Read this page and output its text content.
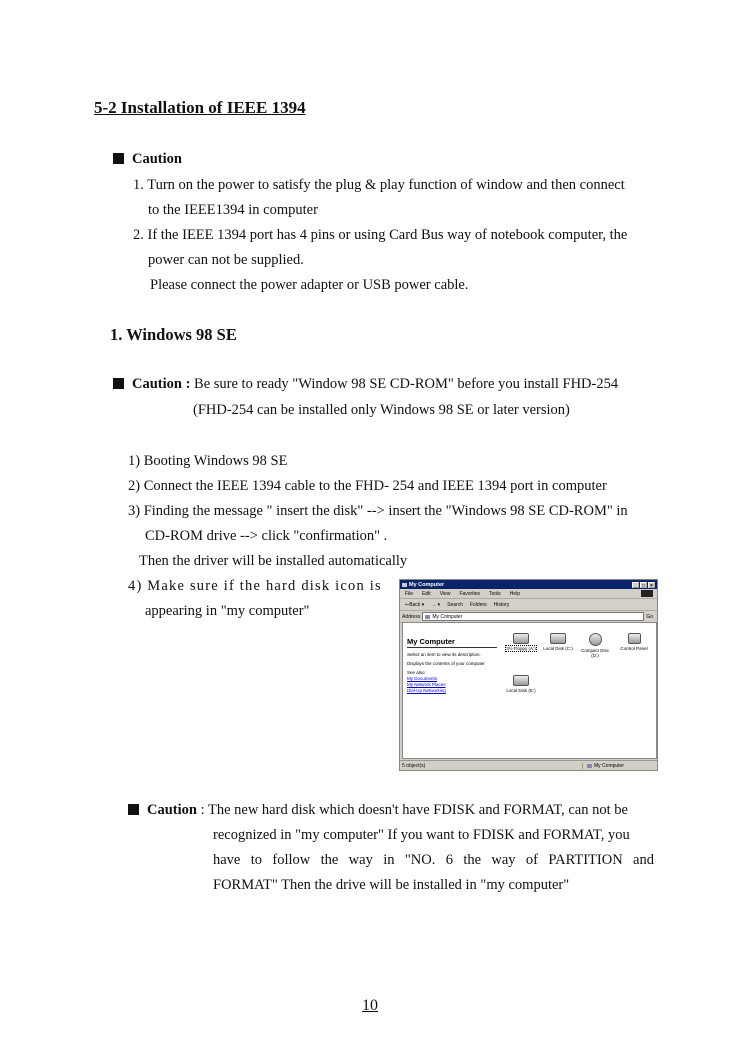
5-2 Installation of IEEE 1394
Caution
1. Turn on the power to satisfy the plug & play function of window and then connect
to the IEEE1394 in computer
2. If the IEEE 1394 port has 4 pins or using Card Bus way of notebook computer, the
power can not be supplied.
Please connect the power adapter or USB power cable.
1. Windows 98 SE
Caution : Be sure to ready "Window 98 SE CD-ROM" before you install FHD-254
(FHD-254 can be installed only Windows 98 SE or later version)
1) Booting Windows 98 SE
2) Connect the IEEE 1394 cable to the FHD- 254 and IEEE 1394 port in computer
3) Finding the message " insert the disk" --> insert the "Windows 98 SE CD-ROM" in
CD-ROM drive --> click "confirmation" .
Then the driver will be installed automatically
4) Make sure if the hard disk icon is
appearing in "my computer"
My Computer	_	□	×
File Edit View Favorites Tools Help
⇐Back ▾ → ▾ Search Folders History
Address My Computer	Go
My Computer
Select an item to view its description.
Displays the contents of your computer
See also:
My Documents
My Network Places
Dial-Up Networking
3½ Floppy (A:)	Local Disk (C:)	Compact Disc (D:)
Control Panel
Local Disk (E:)
5 object(s)	My Computer
Caution : The new hard disk which doesn't have FDISK and FORMAT, can not be
recognized in "my computer" If you want to FDISK and FORMAT, you
have to follow the way in "NO. 6 the way of PARTITION and
FORMAT" Then the drive will be installed in "my computer"
10
